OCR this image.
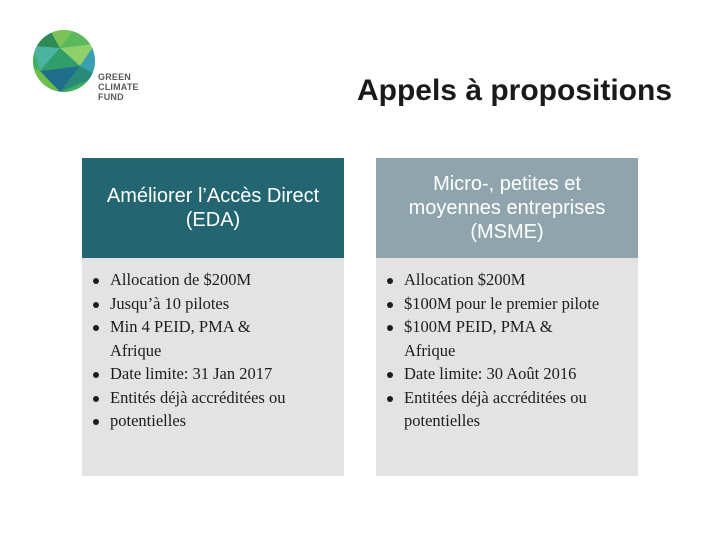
GREEN
CLIMATE
FUND	Appels à propositions
Améliorer l’Accès Direct (EDA)
Allocation de $200M
Jusqu’à 10 pilotes
Min 4 PEID, PMA & Afrique
Date limite: 31 Jan 2017
Entités déjà accréditées ou
potentielles
Micro-, petites et moyennes entreprises (MSME)
Allocation $200M
$100M pour le premier pilote
$100M PEID, PMA & Afrique
Date limite: 30 Août 2016
Entitées déjà accréditées ou potentielles
